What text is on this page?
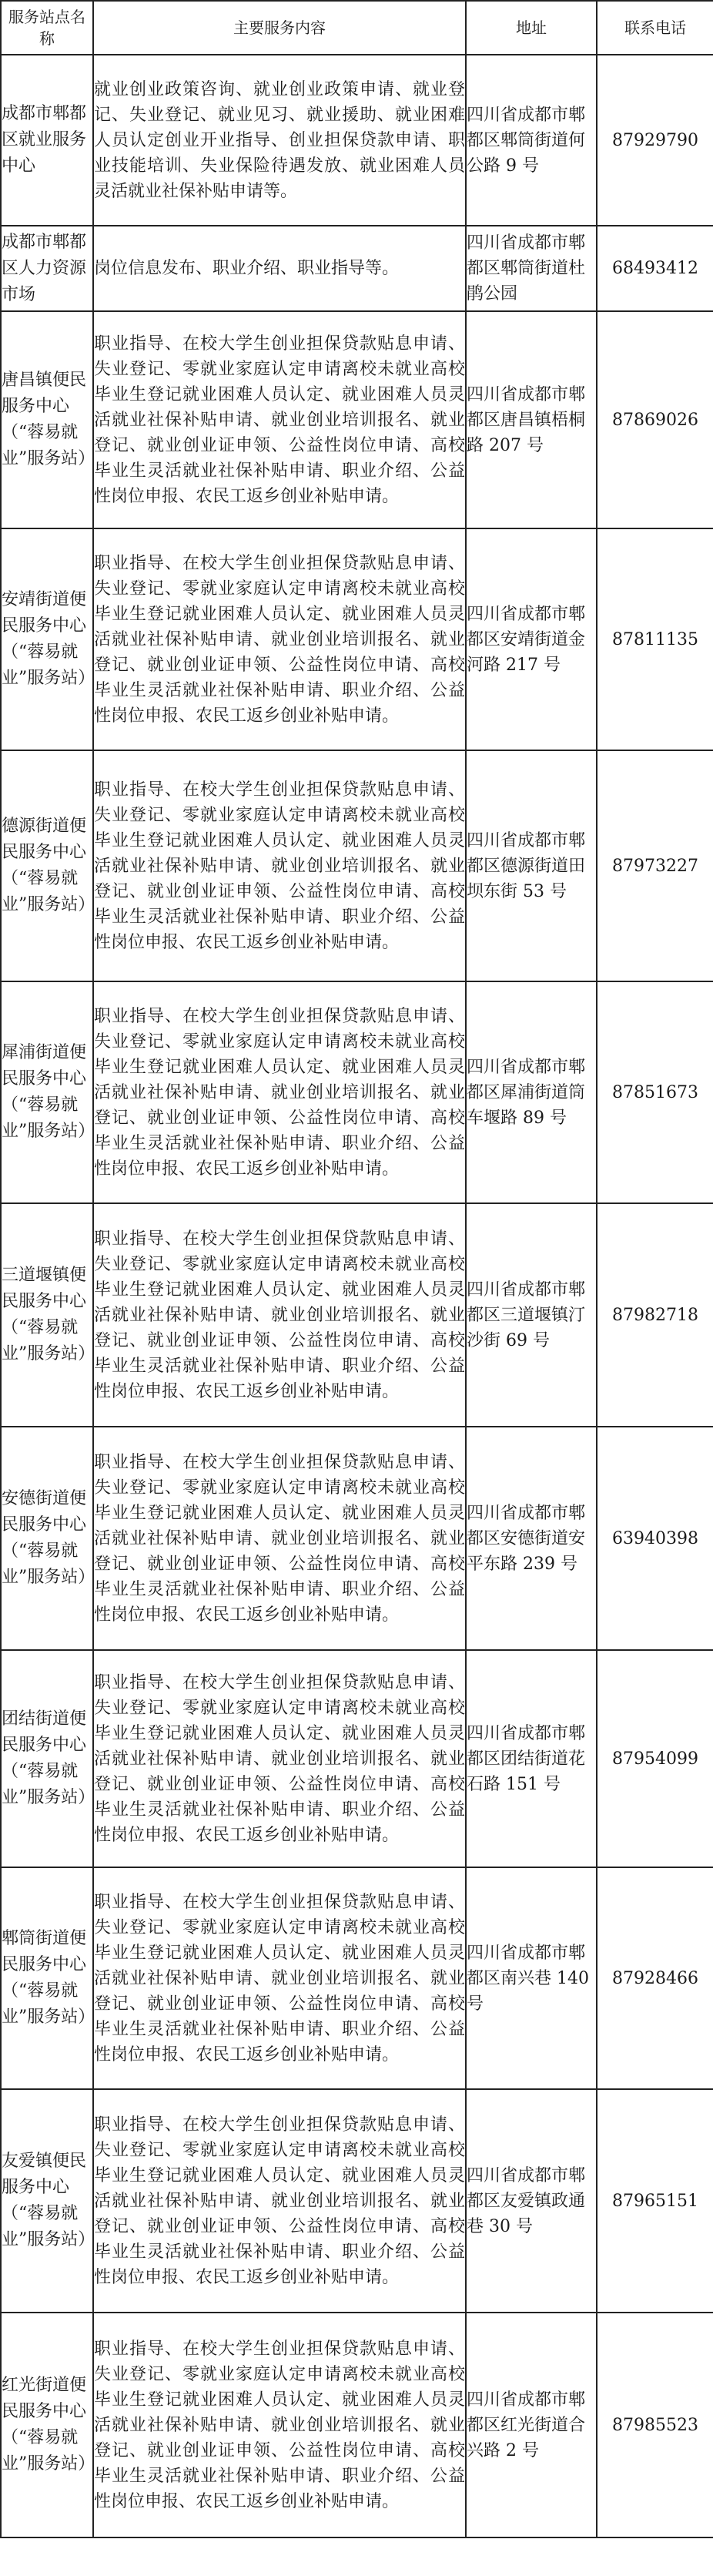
服务站点名称	主要服务内容	地址	联系电话
成都市郫都区就业服务中心	就业创业政策咨询、就业创业政策申请、就业登记、失业登记、就业见习、就业援助、就业困难人员认定创业开业指导、创业担保贷款申请、职业技能培训、失业保险待遇发放、就业困难人员灵活就业社保补贴申请等。	四川省成都市郫都区郫筒街道何公路 9 号	87929790
成都市郫都区人力资源市场	岗位信息发布、职业介绍、职业指导等。	四川省成都市郫都区郫筒街道杜鹃公园	68493412
唐昌镇便民服务中心（“蓉易就业”服务站）	职业指导、在校大学生创业担保贷款贴息申请、失业登记、零就业家庭认定申请离校未就业高校毕业生登记就业困难人员认定、就业困难人员灵活就业社保补贴申请、就业创业培训报名、就业登记、就业创业证申领、公益性岗位申请、高校毕业生灵活就业社保补贴申请、职业介绍、公益性岗位申报、农民工返乡创业补贴申请。	四川省成都市郫都区唐昌镇梧桐路 207 号	87869026
安靖街道便民服务中心（“蓉易就业”服务站）	职业指导、在校大学生创业担保贷款贴息申请、失业登记、零就业家庭认定申请离校未就业高校毕业生登记就业困难人员认定、就业困难人员灵活就业社保补贴申请、就业创业培训报名、就业登记、就业创业证申领、公益性岗位申请、高校毕业生灵活就业社保补贴申请、职业介绍、公益性岗位申报、农民工返乡创业补贴申请。	四川省成都市郫都区安靖街道金河路 217 号	87811135
德源街道便民服务中心（“蓉易就业”服务站）	职业指导、在校大学生创业担保贷款贴息申请、失业登记、零就业家庭认定申请离校未就业高校毕业生登记就业困难人员认定、就业困难人员灵活就业社保补贴申请、就业创业培训报名、就业登记、就业创业证申领、公益性岗位申请、高校毕业生灵活就业社保补贴申请、职业介绍、公益性岗位申报、农民工返乡创业补贴申请。	四川省成都市郫都区德源街道田坝东街 53 号	87973227
犀浦街道便民服务中心（“蓉易就业”服务站）	职业指导、在校大学生创业担保贷款贴息申请、失业登记、零就业家庭认定申请离校未就业高校毕业生登记就业困难人员认定、就业困难人员灵活就业社保补贴申请、就业创业培训报名、就业登记、就业创业证申领、公益性岗位申请、高校毕业生灵活就业社保补贴申请、职业介绍、公益性岗位申报、农民工返乡创业补贴申请。	四川省成都市郫都区犀浦街道筒车堰路 89 号	87851673
三道堰镇便民服务中心（“蓉易就业”服务站）	职业指导、在校大学生创业担保贷款贴息申请、失业登记、零就业家庭认定申请离校未就业高校毕业生登记就业困难人员认定、就业困难人员灵活就业社保补贴申请、就业创业培训报名、就业登记、就业创业证申领、公益性岗位申请、高校毕业生灵活就业社保补贴申请、职业介绍、公益性岗位申报、农民工返乡创业补贴申请。	四川省成都市郫都区三道堰镇汀沙街 69 号	87982718
安德街道便民服务中心（“蓉易就业”服务站）	职业指导、在校大学生创业担保贷款贴息申请、失业登记、零就业家庭认定申请离校未就业高校毕业生登记就业困难人员认定、就业困难人员灵活就业社保补贴申请、就业创业培训报名、就业登记、就业创业证申领、公益性岗位申请、高校毕业生灵活就业社保补贴申请、职业介绍、公益性岗位申报、农民工返乡创业补贴申请。	四川省成都市郫都区安德街道安平东路 239 号	63940398
团结街道便民服务中心（“蓉易就业”服务站）	职业指导、在校大学生创业担保贷款贴息申请、失业登记、零就业家庭认定申请离校未就业高校毕业生登记就业困难人员认定、就业困难人员灵活就业社保补贴申请、就业创业培训报名、就业登记、就业创业证申领、公益性岗位申请、高校毕业生灵活就业社保补贴申请、职业介绍、公益性岗位申报、农民工返乡创业补贴申请。	四川省成都市郫都区团结街道花石路 151 号	87954099
郫筒街道便民服务中心（“蓉易就业”服务站）	职业指导、在校大学生创业担保贷款贴息申请、失业登记、零就业家庭认定申请离校未就业高校毕业生登记就业困难人员认定、就业困难人员灵活就业社保补贴申请、就业创业培训报名、就业登记、就业创业证申领、公益性岗位申请、高校毕业生灵活就业社保补贴申请、职业介绍、公益性岗位申报、农民工返乡创业补贴申请。	四川省成都市郫都区南兴巷 140 号	87928466
友爱镇便民服务中心（“蓉易就业”服务站）	职业指导、在校大学生创业担保贷款贴息申请、失业登记、零就业家庭认定申请离校未就业高校毕业生登记就业困难人员认定、就业困难人员灵活就业社保补贴申请、就业创业培训报名、就业登记、就业创业证申领、公益性岗位申请、高校毕业生灵活就业社保补贴申请、职业介绍、公益性岗位申报、农民工返乡创业补贴申请。	四川省成都市郫都区友爱镇政通巷 30 号	87965151
红光街道便民服务中心（“蓉易就业”服务站）	职业指导、在校大学生创业担保贷款贴息申请、失业登记、零就业家庭认定申请离校未就业高校毕业生登记就业困难人员认定、就业困难人员灵活就业社保补贴申请、就业创业培训报名、就业登记、就业创业证申领、公益性岗位申请、高校毕业生灵活就业社保补贴申请、职业介绍、公益性岗位申报、农民工返乡创业补贴申请。	四川省成都市郫都区红光街道合兴路 2 号	87985523
